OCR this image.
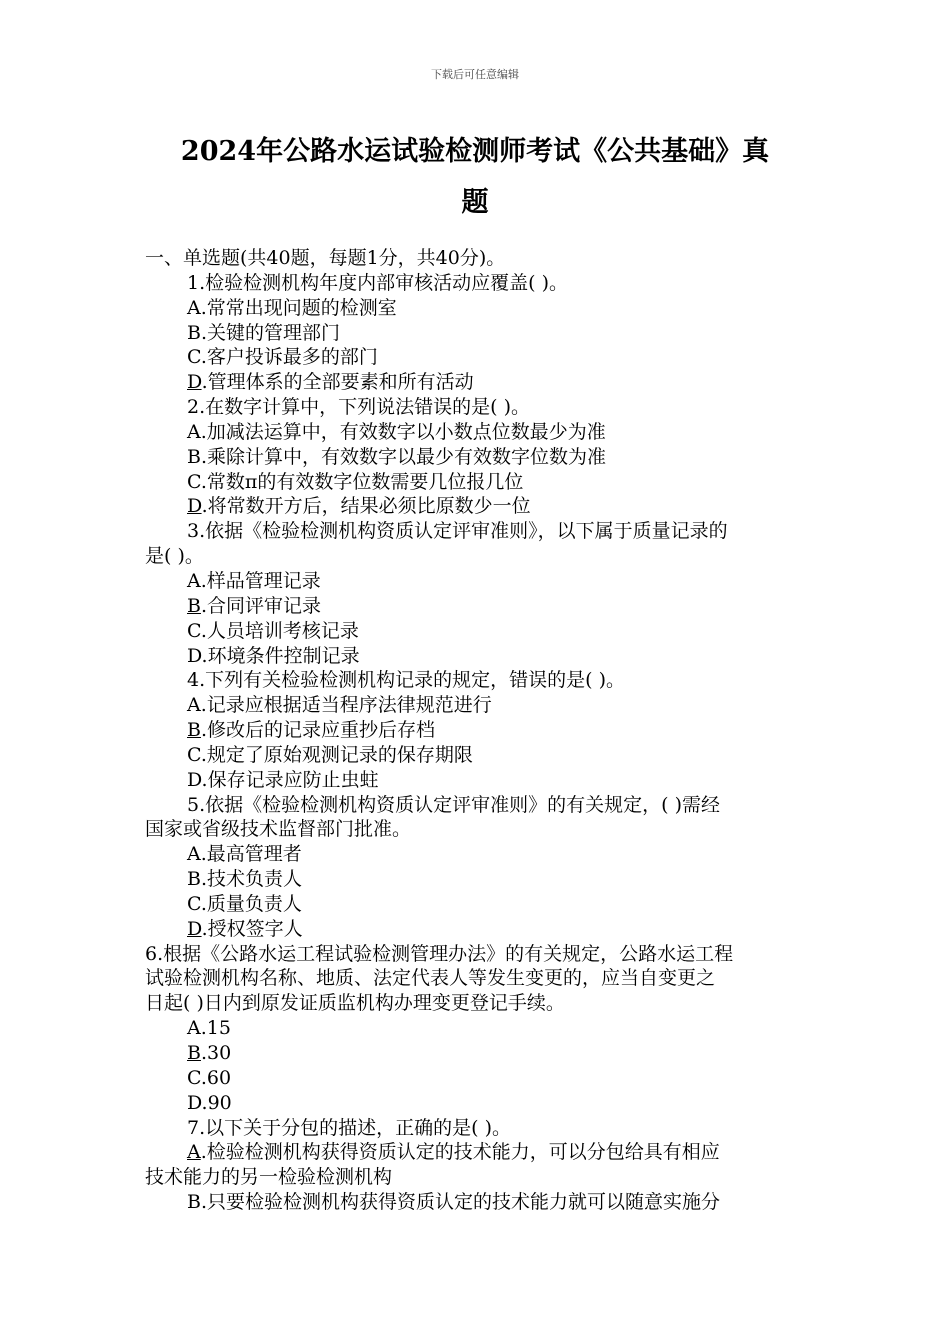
下载后可任意编辑
2024年公路水运试验检测师考试《公共基础》真
题
一、单选题(共40题，每题1分，共40分)。
1.检验检测机构年度内部审核活动应覆盖( )。
A.常常出现问题的检测室
B.关键的管理部门
C.客户投诉最多的部门
D.管理体系的全部要素和所有活动
2.在数字计算中，下列说法错误的是( )。
A.加减法运算中，有效数字以小数点位数最少为准
B.乘除计算中，有效数字以最少有效数字位数为准
C.常数π的有效数字位数需要几位报几位
D.将常数开方后，结果必须比原数少一位
3.依据《检验检测机构资质认定评审准则》，以下属于质量记录的
是( )。
A.样品管理记录
B.合同评审记录
C.人员培训考核记录
D.环境条件控制记录
4.下列有关检验检测机构记录的规定，错误的是( )。
A.记录应根据适当程序法律规范进行
B.修改后的记录应重抄后存档
C.规定了原始观测记录的保存期限
D.保存记录应防止虫蛀
5.依据《检验检测机构资质认定评审准则》的有关规定，( )需经
国家或省级技术监督部门批准。
A.最高管理者
B.技术负责人
C.质量负责人
D.授权签字人
6.根据《公路水运工程试验检测管理办法》的有关规定，公路水运工程
试验检测机构名称、地质、法定代表人等发生变更的，应当自变更之
日起( )日内到原发证质监机构办理变更登记手续。
A.15
B.30
C.60
D.90
7.以下关于分包的描述，正确的是( )。
A.检验检测机构获得资质认定的技术能力，可以分包给具有相应
技术能力的另一检验检测机构
B.只要检验检测机构获得资质认定的技术能力就可以随意实施分
